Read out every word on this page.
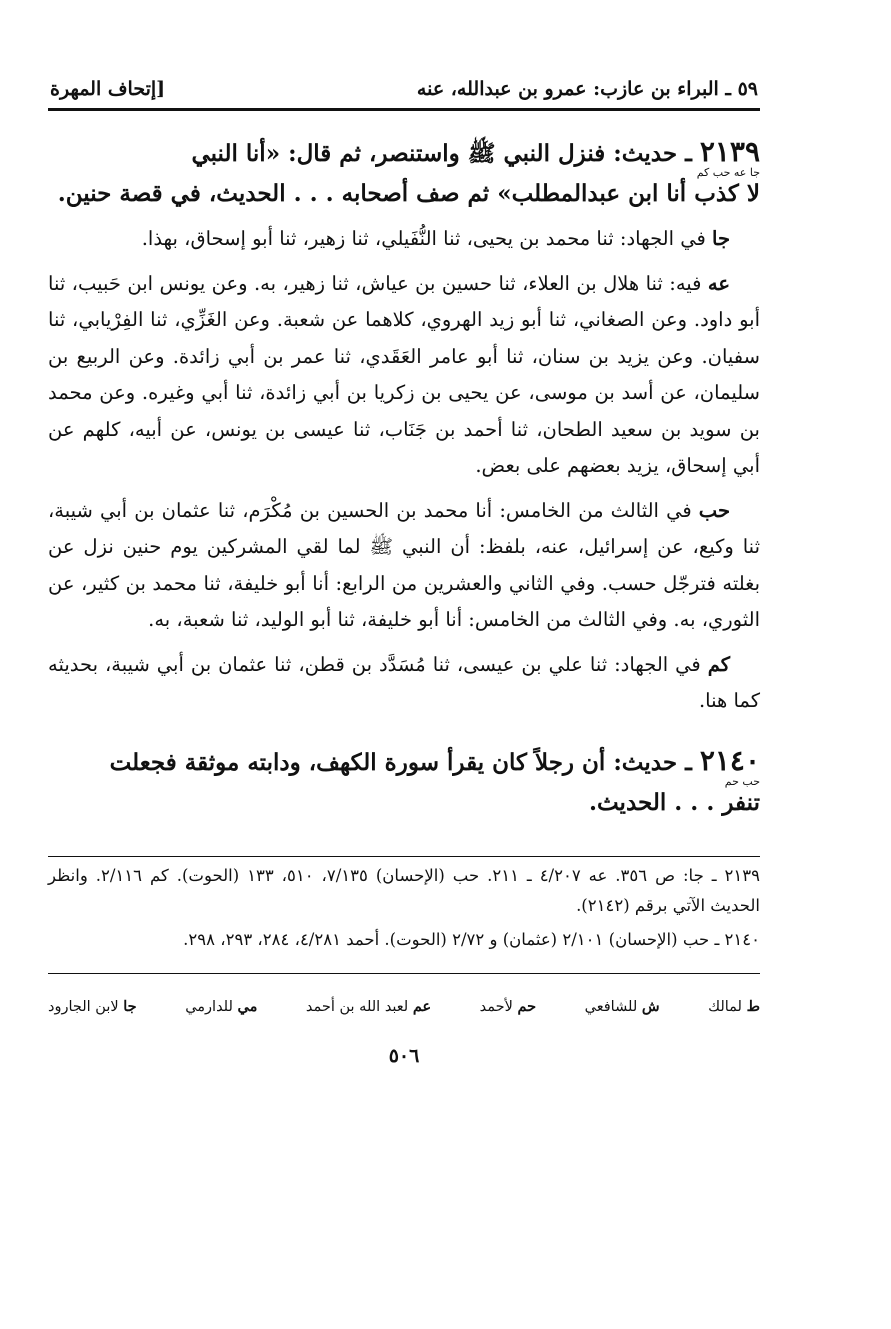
٥٩ ـ البراء بن عازب: عمرو بن عبدالله، عنه
[إتحاف المهرة
٢١٣٩ ـ حديث: فنزل النبي ﷺ واستنصر، ثم قال: «أنا النبي
جا عه حب كم
لا كذب أنا ابن عبدالمطلب» ثم صف أصحابه . . . الحديث، في قصة حنين.
جا في الجهاد: ثنا محمد بن يحيى، ثنا النُّفَيلي، ثنا زهير، ثنا أبو إسحاق، بهذا.
عه فيه: ثنا هلال بن العلاء، ثنا حسين بن عياش، ثنا زهير، به. وعن يونس ابن حَبيب، ثنا أبو داود. وعن الصغاني، ثنا أبو زيد الهروي، كلاهما عن شعبة. وعن الغَزِّي، ثنا الفِرْيابي، ثنا سفيان. وعن يزيد بن سنان، ثنا أبو عامر العَقَدي، ثنا عمر بن أبي زائدة. وعن الربيع بن سليمان، عن أسد بن موسى، عن يحيى بن زكريا بن أبي زائدة، ثنا أبي وغيره. وعن محمد بن سويد بن سعيد الطحان، ثنا أحمد بن جَنَاب، ثنا عيسى بن يونس، عن أبيه، كلهم عن أبي إسحاق، يزيد بعضهم على بعض.
حب في الثالث من الخامس: أنا محمد بن الحسين بن مُكْرَم، ثنا عثمان بن أبي شيبة، ثنا وكيع، عن إسرائيل، عنه، بلفظ: أن النبي ﷺ لما لقي المشركين يوم حنين نزل عن بغلته فترجّل حسب. وفي الثاني والعشرين من الرابع: أنا أبو خليفة، ثنا محمد بن كثير، عن الثوري، به. وفي الثالث من الخامس: أنا أبو خليفة، ثنا أبو الوليد، ثنا شعبة، به.
كم في الجهاد: ثنا علي بن عيسى، ثنا مُسَدَّد بن قطن، ثنا عثمان بن أبي شيبة، بحديثه كما هنا.
٢١٤٠ ـ حديث: أن رجلاً كان يقرأ سورة الكهف، ودابته موثقة فجعلت
حب حم
تنفر . . . الحديث.
٢١٣٩ ـ جا: ص ٣٥٦. عه ٤/٢٠٧ ـ ٢١١. حب (الإحسان) ٧/١٣٥، ٥١٠، ١٣٣ (الحوت). كم ٢/١١٦. وانظر الحديث الآتي برقم (٢١٤٢).
٢١٤٠ ـ حب (الإحسان) ٢/١٠١ (عثمان) و ٢/٧٢ (الحوت). أحمد ٤/٢٨١، ٢٨٤، ٢٩٣، ٢٩٨.
ط لمالك
ش للشافعي
حم لأحمد
عم لعبد الله بن أحمد
مي للدارمي
جا لابن الجارود
٥٠٦
